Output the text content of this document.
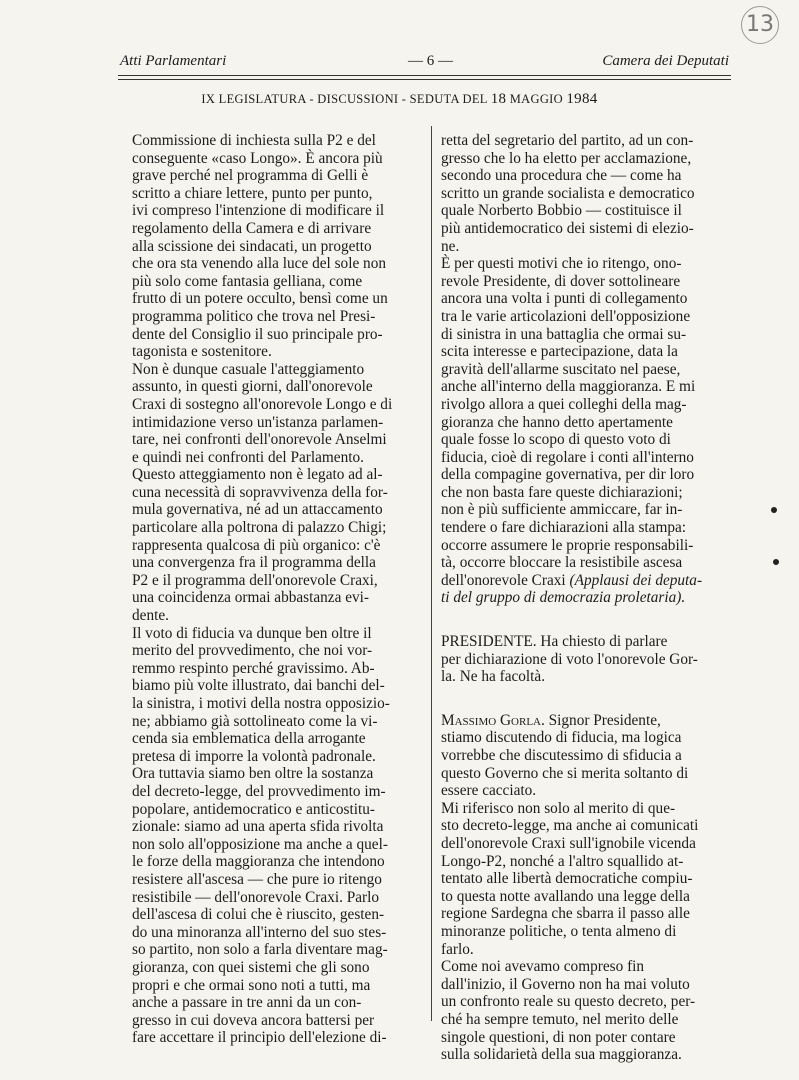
13
Atti Parlamentari	— 6 —	Camera dei Deputati
IX LEGISLATURA - DISCUSSIONI - SEDUTA DEL 18 MAGGIO 1984
Commissione di inchiesta sulla P2 e del
conseguente «caso Longo». È ancora più
grave perché nel programma di Gelli è
scritto a chiare lettere, punto per punto,
ivi compreso l'intenzione di modificare il
regolamento della Camera e di arrivare
alla scissione dei sindacati, un progetto
che ora sta venendo alla luce del sole non
più solo come fantasia gelliana, come
frutto di un potere occulto, bensì come un
programma politico che trova nel Presi-
dente del Consiglio il suo principale pro-
tagonista e sostenitore.
Non è dunque casuale l'atteggiamento
assunto, in questi giorni, dall'onorevole
Craxi di sostegno all'onorevole Longo e di
intimidazione verso un'istanza parlamen-
tare, nei confronti dell'onorevole Anselmi
e quindi nei confronti del Parlamento.
Questo atteggiamento non è legato ad al-
cuna necessità di sopravvivenza della for-
mula governativa, né ad un attaccamento
particolare alla poltrona di palazzo Chigi;
rappresenta qualcosa di più organico: c'è
una convergenza fra il programma della
P2 e il programma dell'onorevole Craxi,
una coincidenza ormai abbastanza evi-
dente.
Il voto di fiducia va dunque ben oltre il
merito del provvedimento, che noi vor-
remmo respinto perché gravissimo. Ab-
biamo più volte illustrato, dai banchi del-
la sinistra, i motivi della nostra opposizio-
ne; abbiamo già sottolineato come la vi-
cenda sia emblematica della arrogante
pretesa di imporre la volontà padronale.
Ora tuttavia siamo ben oltre la sostanza
del decreto-legge, del provvedimento im-
popolare, antidemocratico e anticostitu-
zionale: siamo ad una aperta sfida rivolta
non solo all'opposizione ma anche a quel-
le forze della maggioranza che intendono
resistere all'ascesa — che pure io ritengo
resistibile — dell'onorevole Craxi. Parlo
dell'ascesa di colui che è riuscito, gesten-
do una minoranza all'interno del suo stes-
so partito, non solo a farla diventare mag-
gioranza, con quei sistemi che gli sono
propri e che ormai sono noti a tutti, ma
anche a passare in tre anni da un con-
gresso in cui doveva ancora battersi per
fare accettare il principio dell'elezione di-
retta del segretario del partito, ad un con-
gresso che lo ha eletto per acclamazione,
secondo una procedura che — come ha
scritto un grande socialista e democratico
quale Norberto Bobbio — costituisce il
più antidemocratico dei sistemi di elezio-
ne.
È per questi motivi che io ritengo, ono-
revole Presidente, di dover sottolineare
ancora una volta i punti di collegamento
tra le varie articolazioni dell'opposizione
di sinistra in una battaglia che ormai su-
scita interesse e partecipazione, data la
gravità dell'allarme suscitato nel paese,
anche all'interno della maggioranza. E mi
rivolgo allora a quei colleghi della mag-
gioranza che hanno detto apertamente
quale fosse lo scopo di questo voto di
fiducia, cioè di regolare i conti all'interno
della compagine governativa, per dir loro
che non basta fare queste dichiarazioni;
non è più sufficiente ammiccare, far in-
tendere o fare dichiarazioni alla stampa:
occorre assumere le proprie responsabili-
tà, occorre bloccare la resistibile ascesa
dell'onorevole Craxi (Applausi dei deputa-
ti del gruppo di democrazia proletaria).
PRESIDENTE. Ha chiesto di parlare
per dichiarazione di voto l'onorevole Gor-
la. Ne ha facoltà.
Massimo Gorla. Signor Presidente,
stiamo discutendo di fiducia, ma logica
vorrebbe che discutessimo di sfiducia a
questo Governo che si merita soltanto di
essere cacciato.
Mi riferisco non solo al merito di que-
sto decreto-legge, ma anche ai comunicati
dell'onorevole Craxi sull'ignobile vicenda
Longo-P2, nonché a l'altro squallido at-
tentato alle libertà democratiche compiu-
to questa notte avallando una legge della
regione Sardegna che sbarra il passo alle
minoranze politiche, o tenta almeno di
farlo.
Come noi avevamo compreso fin
dall'inizio, il Governo non ha mai voluto
un confronto reale su questo decreto, per-
ché ha sempre temuto, nel merito delle
singole questioni, di non poter contare
sulla solidarietà della sua maggioranza.
